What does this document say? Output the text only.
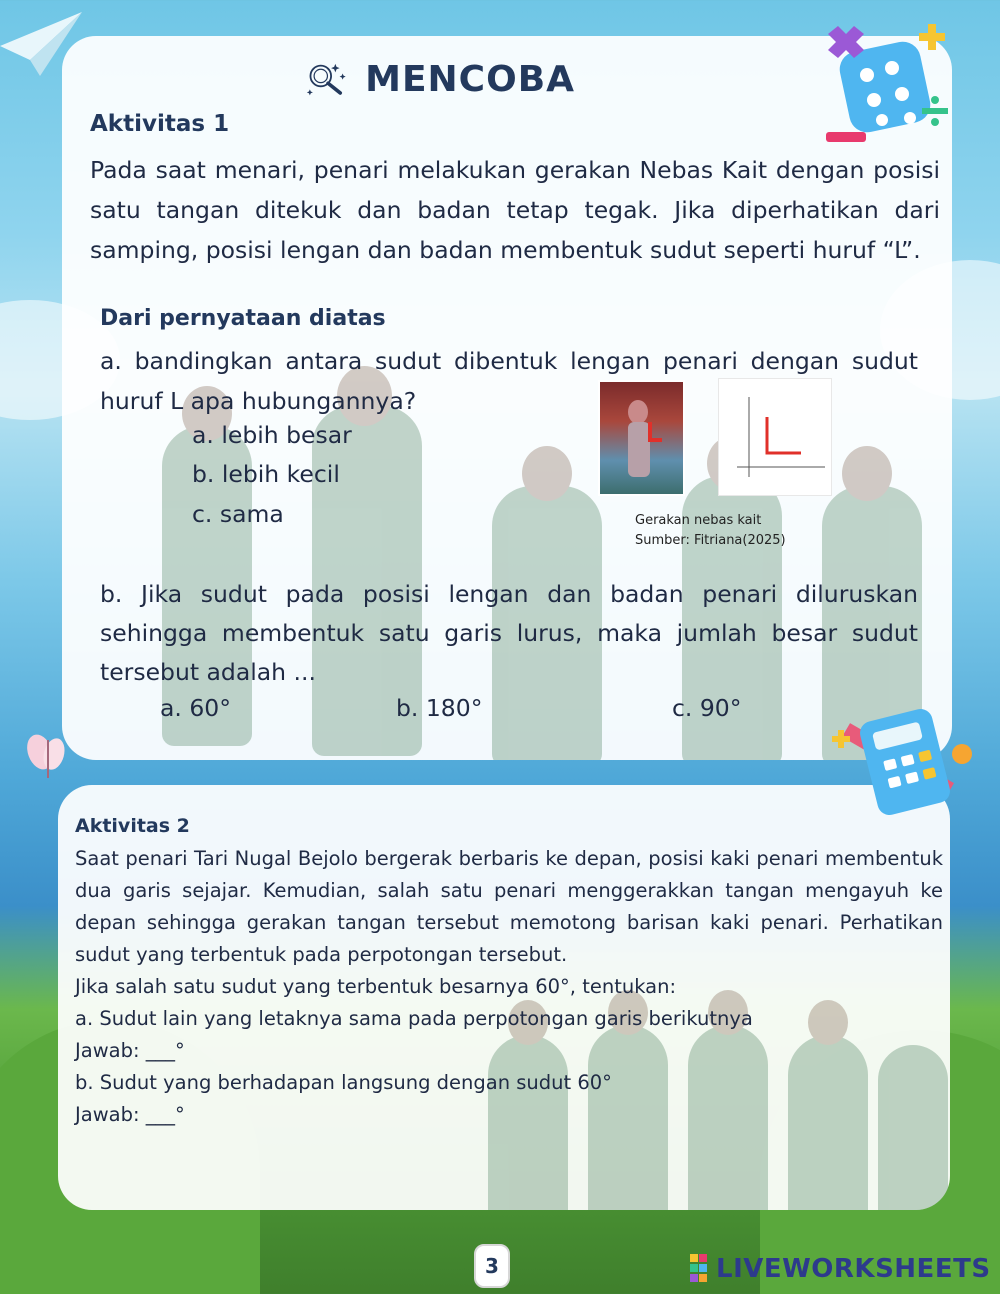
MENCOBA
Aktivitas 1
Pada saat menari, penari melakukan gerakan Nebas Kait dengan posisi satu tangan ditekuk dan badan tetap tegak. Jika diperhatikan dari samping, posisi lengan dan badan membentuk sudut seperti huruf “L”.
Dari pernyataan diatas
a. bandingkan antara sudut dibentuk lengan penari dengan sudut huruf L apa hubungannya?
a. lebih besar
b. lebih kecil
c. sama	Gerakan nebas kait
Sumber: Fitriana(2025)
b. Jika sudut pada posisi lengan dan badan penari diluruskan sehingga membentuk satu garis lurus, maka jumlah besar sudut tersebut adalah ...
a. 60°	b. 180°	c. 90°
Aktivitas 2
Saat penari Tari Nugal Bejolo bergerak berbaris ke depan, posisi kaki penari membentuk dua garis sejajar. Kemudian, salah satu penari menggerakkan tangan mengayuh ke depan sehingga gerakan tangan tersebut memotong barisan kaki penari. Perhatikan sudut yang terbentuk pada perpotongan tersebut.
Jika salah satu sudut yang terbentuk besarnya 60°, tentukan:
a. Sudut lain yang letaknya sama pada perpotongan garis berikutnya
Jawab: ___°
b. Sudut yang berhadapan langsung dengan sudut 60°
Jawab: ___°
3	LIVEWORKSHEETS
